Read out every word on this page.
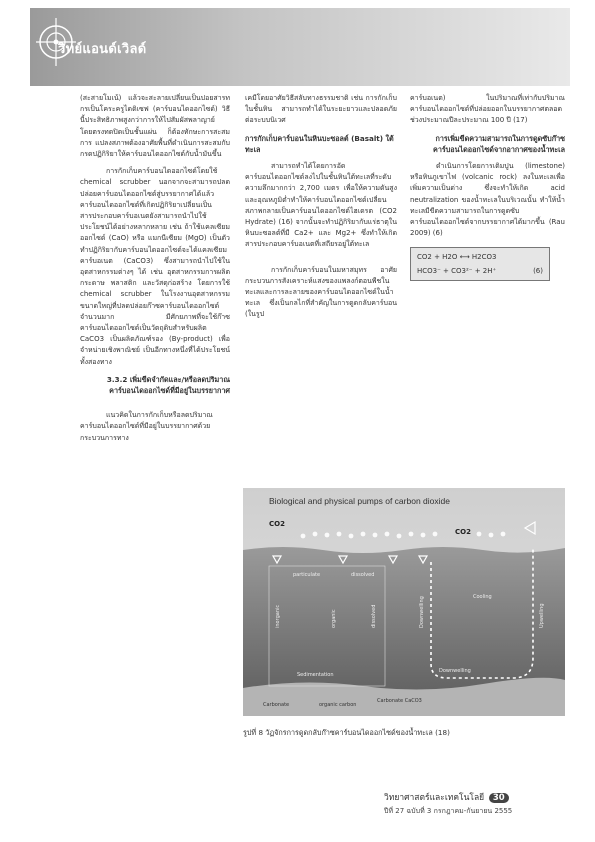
วิทย์แอนด์เวิลด์

(สะสายโมเน้) แล้วจะสะลายเปลี่ยนเป็นปอยสารทกรเป็นโคระครูไดดิเซฟ (คาร์บอนไดออกไซด์) วิธีนี้ประสิทธิภาพสูงกว่าการให้ไปสัมผัสพลาญาย์โดยตรงทดปิดเป็นชั้นแผ่น ก็ต้องทักษะการสะสมการ แปลงสภาพต้องอาศัยพื้นที่ดำเนินการสะสมกับกรดปฏิกิริยาให้คาร์บอนไดออกไซด์กับน้ำมันขึ้น

การกักเก็บคาร์บอนไดออกไซด์โดยใช้ chemical scrubber นอกจากจะสามารถปลดปล่อยคาร์บอนไดออกไซด์สู่บรรยากาศได้แล้ว คาร์บอนไดออกไซด์ที่เกิดปฏิกิริยาเปลี่ยนเป็นสารประกอบคาร์บอเนตยังสามารถนำไปใช้ประโยชน์ได้อย่างหลากหลาย เช่น ถ้าใช้แคลเซียมออกไซด์ (CaO) หรือ แมกนีเซียม (MgO) เป็นตัวทำปฏิกิริยากับคาร์บอนไดออกไซด์จะได้แคลเซียมคาร์บอเนต (CaCO3) ซึ่งสามารถนำไปใช้ในอุตสาหกรรมต่างๆ ได้ เช่น อุตสาหกรรมการผลิตกระดาษ พลาสติก และวัสดุก่อสร้าง โดยการใช้ chemical scrubber ในโรงงานอุตสาหกรรมขนาดใหญ่ที่ปลดปล่อยก๊าซคาร์บอนไดออกไซด์จำนวนมาก มีศักยภาพที่จะใช้ก๊าซคาร์บอนไดออกไซด์เป็นวัตถุดิบสำหรับผลิต CaCO3 เป็นผลิตภัณฑ์รอง (By-product) เพื่อจำหน่ายเชิงพาณิชย์ เป็นอีกทางหนึ่งที่ได้ประโยชน์ทั้งสองทาง

3.3.2 เพิ่มขีดจำกัดและ/หรือลดปริมาณคาร์บอนไดออกไซด์ที่มีอยู่ในบรรยากาศ

แนวคิดในการกักเก็บหรือลดปริมาณคาร์บอนไดออกไซด์ที่มีอยู่ในบรรยากาศด้วยกระบวนการทาง

เคมีโดยอาศัยวิธีสลับทางธรรมชาติ เช่น การกักเก็บในชั้นหิน สามารถทำได้ในระยะยาวและปลอดภัยต่อระบบนิเวศ

การกักเก็บคาร์บอนในหินบะซอลต์ (Basalt) ใต้ทะเล

สามารถทำได้โดยการอัดคาร์บอนไดออกไซด์ลงไปในชั้นหินใต้ทะเลที่ระดับความลึกมากกว่า 2,700 เมตร เพื่อให้ความดันสูงและอุณหภูมิต่ำทำให้คาร์บอนไดออกไซด์เปลี่ยนสภาพกลายเป็นคาร์บอนไดออกไซด์ไฮเดรต (CO2 Hydrate) (16) จากนั้นจะทำปฏิกิริยากับแร่ธาตุในหินบะซอลต์ที่มี Ca2+ และ Mg2+ ซึ่งทำให้เกิดสารประกอบคาร์บอเนตที่เสถียรอยู่ใต้ทะเล

การกักเก็บคาร์บอนในมหาสมุทร อาศัยกระบวนการสังเคราะห์แสงของแพลงก์ตอนพืชในทะเลและการละลายของคาร์บอนไดออกไซด์ในน้ำทะเล ซึ่งเป็นกลไกที่สำคัญในการดูดกลับคาร์บอน (ในรูป

คาร์บอเนต) ในปริมาณที่เท่ากับปริมาณคาร์บอนไดออกไซด์ที่ปล่อยออกในบรรยากาศตลอดช่วงประมาณปีละประมาณ 100 ปี (17)

การเพิ่มขีดความสามารถในการดูดซับก๊าซคาร์บอนไดออกไซด์จากอากาศของน้ำทะเล

ดำเนินการโดยการเติมปูน (limestone) หรือหินภูเขาไฟ (volcanic rock) ลงในทะเลเพื่อเพิ่มความเป็นด่าง ซึ่งจะทำให้เกิด acid neutralization ของน้ำทะเลในบริเวณนั้น ทำให้น้ำทะเลมีขีดความสามารถในการดูดซับคาร์บอนไดออกไซด์จากบรรยากาศได้มากขึ้น (Rau 2009) (6)

CO2 + H2O ⟷ H2CO3
HCO3⁻ + CO3²⁻ + 2H⁺	(6)
Biological and physical pumps of carbon dioxide
CO2
CO2
particulate	dissolved
inorganic	organic	dissolved
Cooling
Upwelling
Downwelling
Downwelling
Sedimentation
Carbonate	organic carbon
Carbonate CaCO3
รูปที่ 8 วัฏจักรการดูดกลับก๊าซคาร์บอนไดออกไซด์ของน้ำทะเล (18)
วิทยาศาสตร์และเทคโนโลยี 30
ปีที่ 27 ฉบับที่ 3 กรกฎาคม-กันยายน 2555
